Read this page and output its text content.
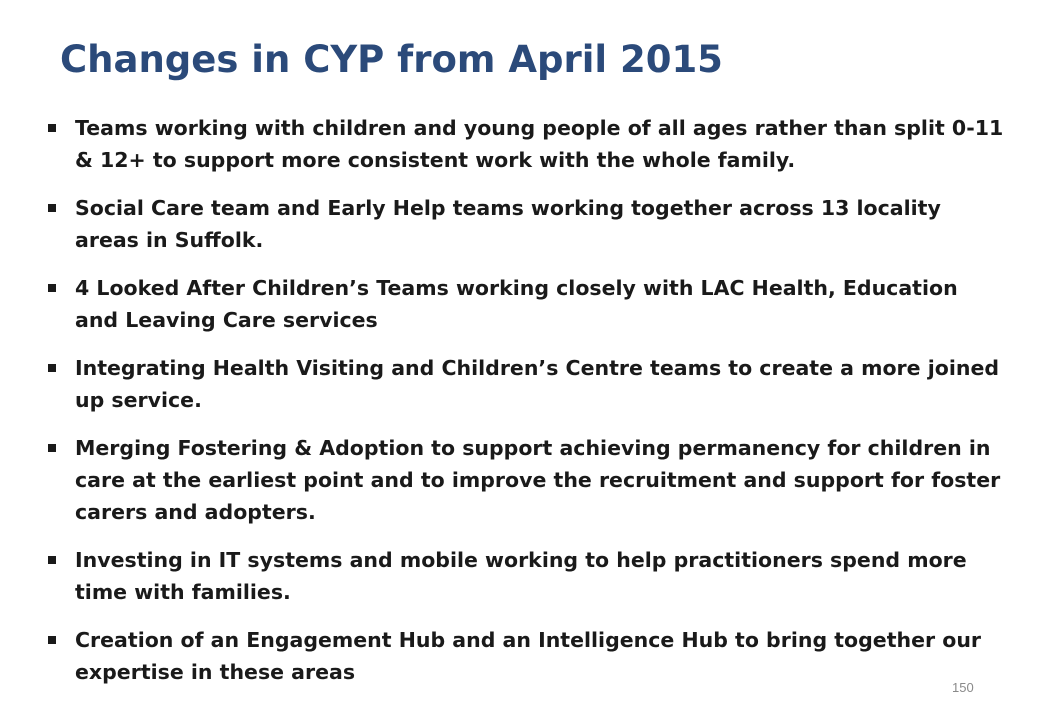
Changes in CYP from April 2015
Teams working with children and young people of all ages rather than split 0-11 & 12+ to support more consistent work with the whole family.
Social Care team and Early Help teams working together across 13 locality areas in Suffolk.
4 Looked After Children’s Teams working closely with LAC Health, Education and Leaving Care services
Integrating Health Visiting and Children’s Centre teams to create a more joined up service.
Merging Fostering & Adoption to support achieving permanency for children in care at the earliest point and to improve the recruitment and support for foster carers and adopters.
Investing in IT systems and mobile working to help practitioners spend more time with families.
Creation of an Engagement Hub and an Intelligence Hub to bring together our expertise in these areas
150
